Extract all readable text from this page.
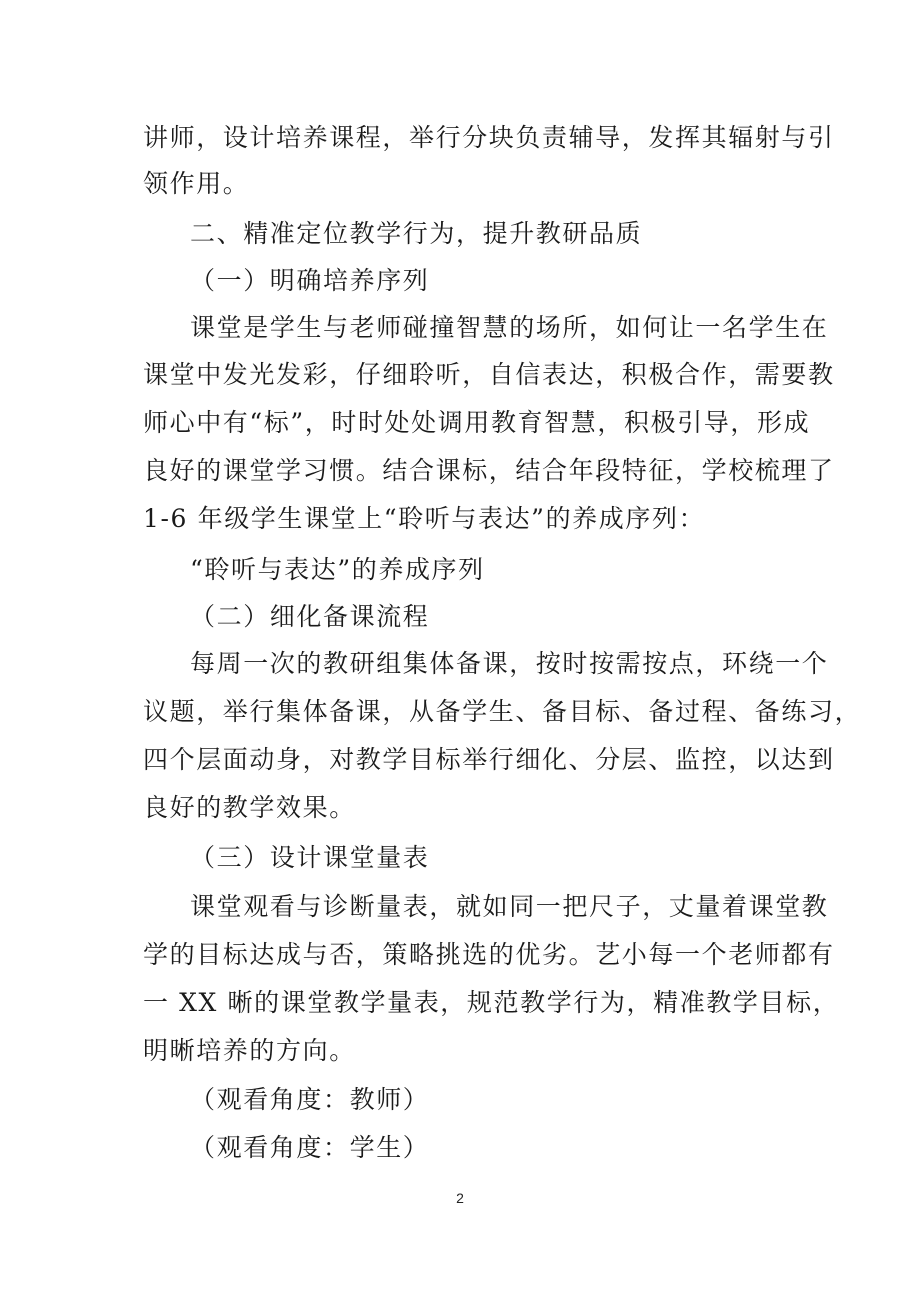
讲师，设计培养课程，举行分块负责辅导，发挥其辐射与引
领作用。
二、精准定位教学行为，提升教研品质
（一）明确培养序列
课堂是学生与老师碰撞智慧的场所，如何让一名学生在
课堂中发光发彩，仔细聆听，自信表达，积极合作，需要教
师心中有“标”，时时处处调用教育智慧，积极引导，形成
良好的课堂学习惯。结合课标，结合年段特征，学校梳理了
1-6 年级学生课堂上“聆听与表达”的养成序列：
“聆听与表达”的养成序列
（二）细化备课流程
每周一次的教研组集体备课，按时按需按点，环绕一个
议题，举行集体备课，从备学生、备目标、备过程、备练习，
四个层面动身，对教学目标举行细化、分层、监控，以达到
良好的教学效果。
（三）设计课堂量表
课堂观看与诊断量表，就如同一把尺子，丈量着课堂教
学的目标达成与否，策略挑选的优劣。艺小每一个老师都有
一 XX 晰的课堂教学量表，规范教学行为，精准教学目标，
明晰培养的方向。
（观看角度：教师）
（观看角度：学生）
2
